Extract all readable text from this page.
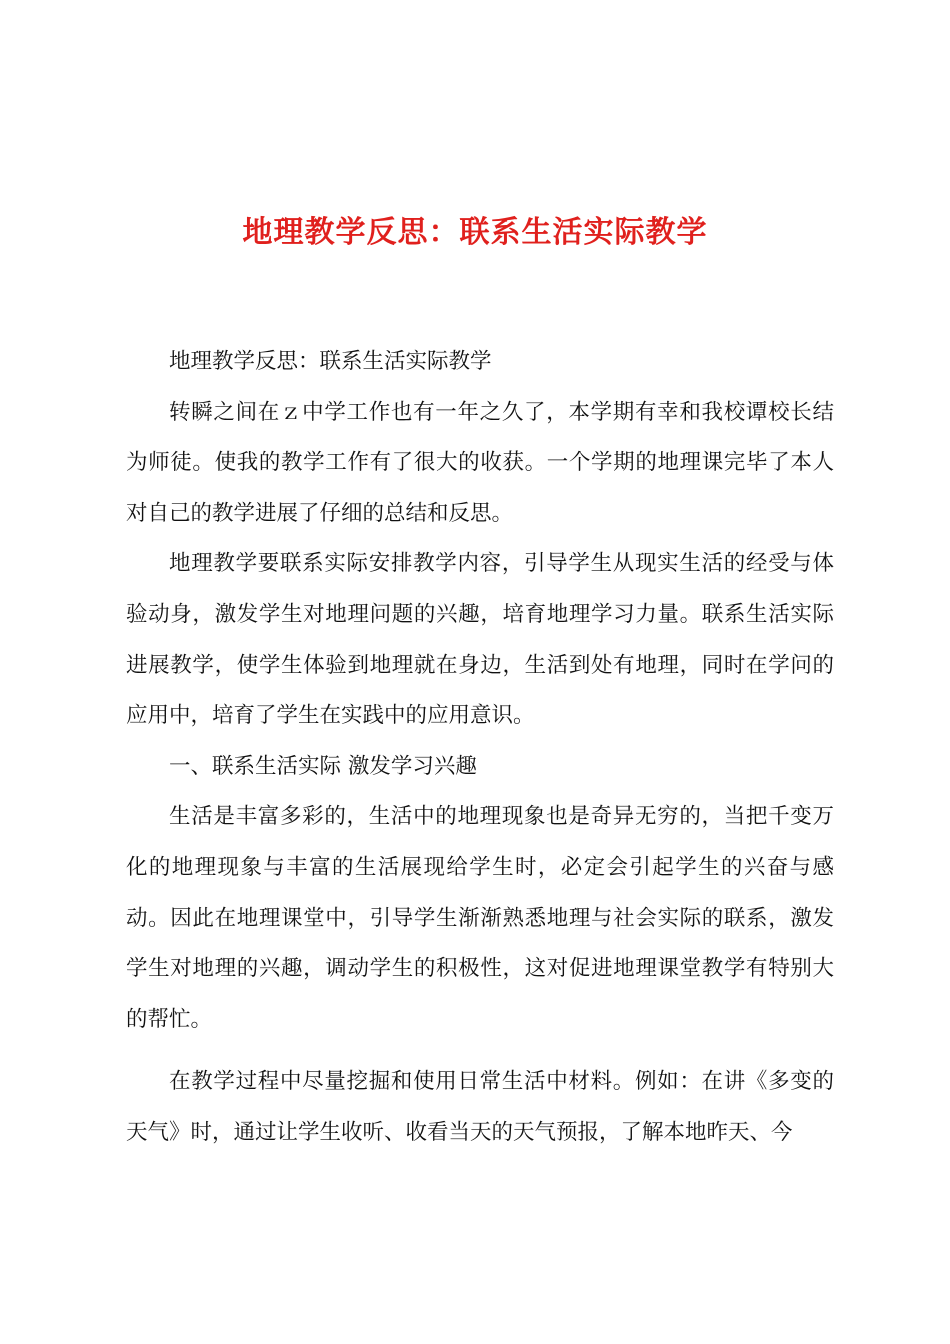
地理教学反思：联系生活实际教学

地理教学反思：联系生活实际教学

转瞬之间在ｚ中学工作也有一年之久了，本学期有幸和我校谭校长结为师徒。使我的教学工作有了很大的收获。一个学期的地理课完毕了本人对自己的教学进展了仔细的总结和反思。

地理教学要联系实际安排教学内容，引导学生从现实生活的经受与体验动身，激发学生对地理问题的兴趣，培育地理学习力量。联系生活实际进展教学，使学生体验到地理就在身边，生活到处有地理，同时在学问的应用中，培育了学生在实践中的应用意识。

一、联系生活实际 激发学习兴趣

生活是丰富多彩的，生活中的地理现象也是奇异无穷的，当把千变万化的地理现象与丰富的生活展现给学生时，必定会引起学生的兴奋与感动。因此在地理课堂中，引导学生渐渐熟悉地理与社会实际的联系，激发学生对地理的兴趣，调动学生的积极性，这对促进地理课堂教学有特别大的帮忙。

在教学过程中尽量挖掘和使用日常生活中材料。例如：在讲《多变的天气》时，通过让学生收听、收看当天的天气预报，了解本地昨天、今
